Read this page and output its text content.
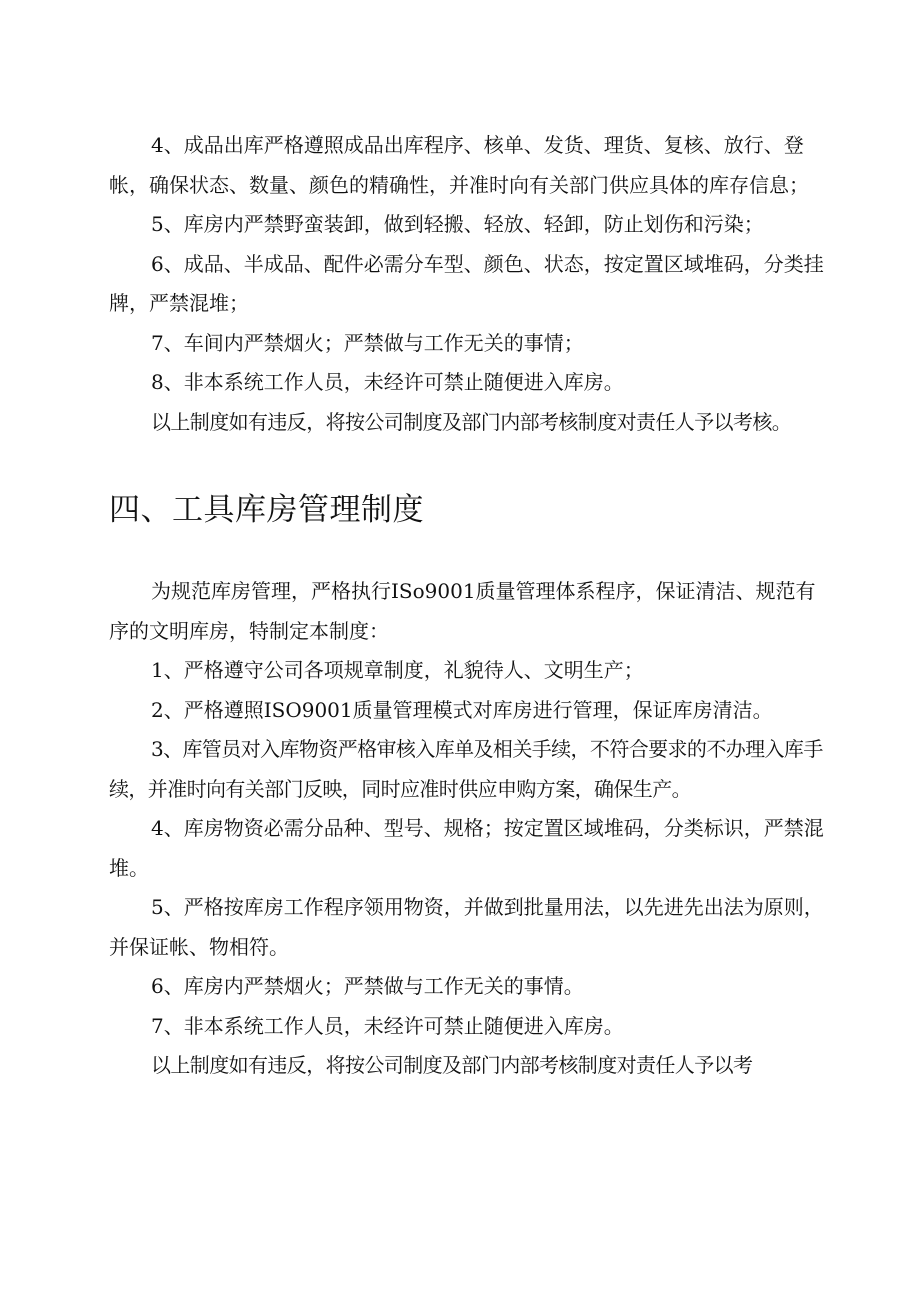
4、成品出库严格遵照成品出库程序、核单、发货、理货、复核、放行、登帐，确保状态、数量、颜色的精确性，并准时向有关部门供应具体的库存信息；

5、库房内严禁野蛮装卸，做到轻搬、轻放、轻卸，防止划伤和污染；

6、成品、半成品、配件必需分车型、颜色、状态，按定置区域堆码，分类挂牌，严禁混堆；

7、车间内严禁烟火；严禁做与工作无关的事情；

8、非本系统工作人员，未经许可禁止随便进入库房。

以上制度如有违反，将按公司制度及部门内部考核制度对责任人予以考核。

四、工具库房管理制度

为规范库房管理，严格执行ISo9001质量管理体系程序，保证清洁、规范有序的文明库房，特制定本制度：

1、严格遵守公司各项规章制度，礼貌待人、文明生产；

2、严格遵照ISO9001质量管理模式对库房进行管理，保证库房清洁。

3、库管员对入库物资严格审核入库单及相关手续，不符合要求的不办理入库手续，并准时向有关部门反映，同时应准时供应申购方案，确保生产。

4、库房物资必需分品种、型号、规格；按定置区域堆码，分类标识，严禁混堆。

5、严格按库房工作程序领用物资，并做到批量用法，以先进先出法为原则，并保证帐、物相符。

6、库房内严禁烟火；严禁做与工作无关的事情。

7、非本系统工作人员，未经许可禁止随便进入库房。

以上制度如有违反，将按公司制度及部门内部考核制度对责任人予以考
